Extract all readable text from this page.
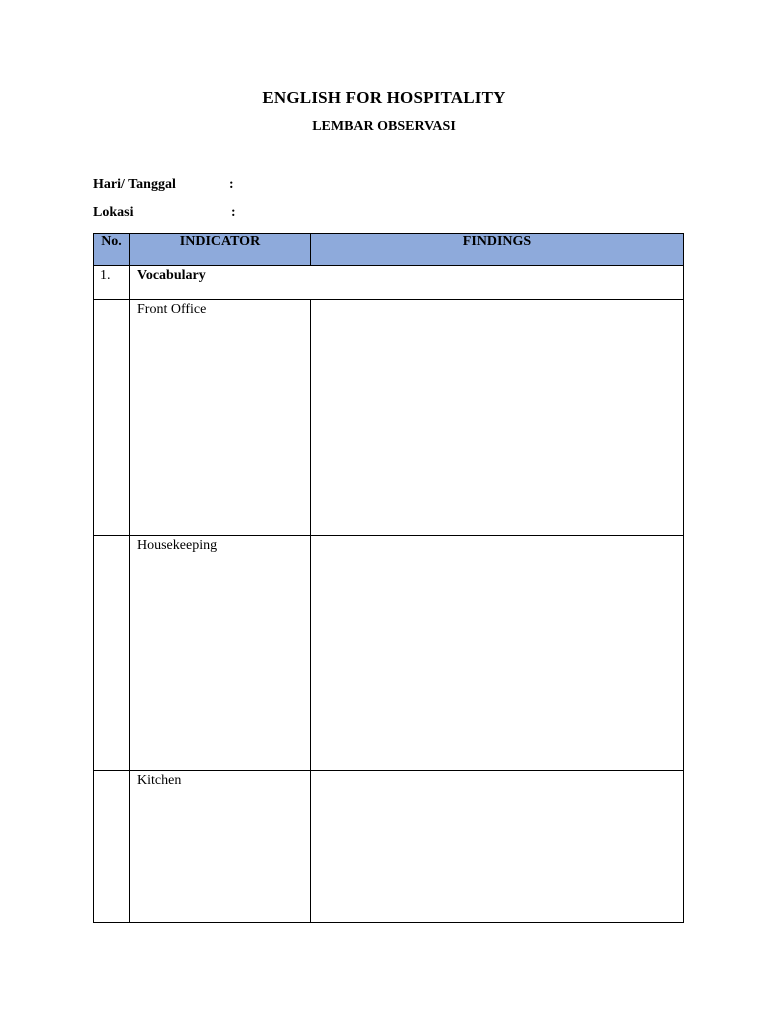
ENGLISH FOR HOSPITALITY
LEMBAR OBSERVASI
Hari/ Tanggal	:
Lokasi	:
No.	INDICATOR	FINDINGS

1.	Vocabulary	
	Front Office	
	Housekeeping	
	Kitchen	
